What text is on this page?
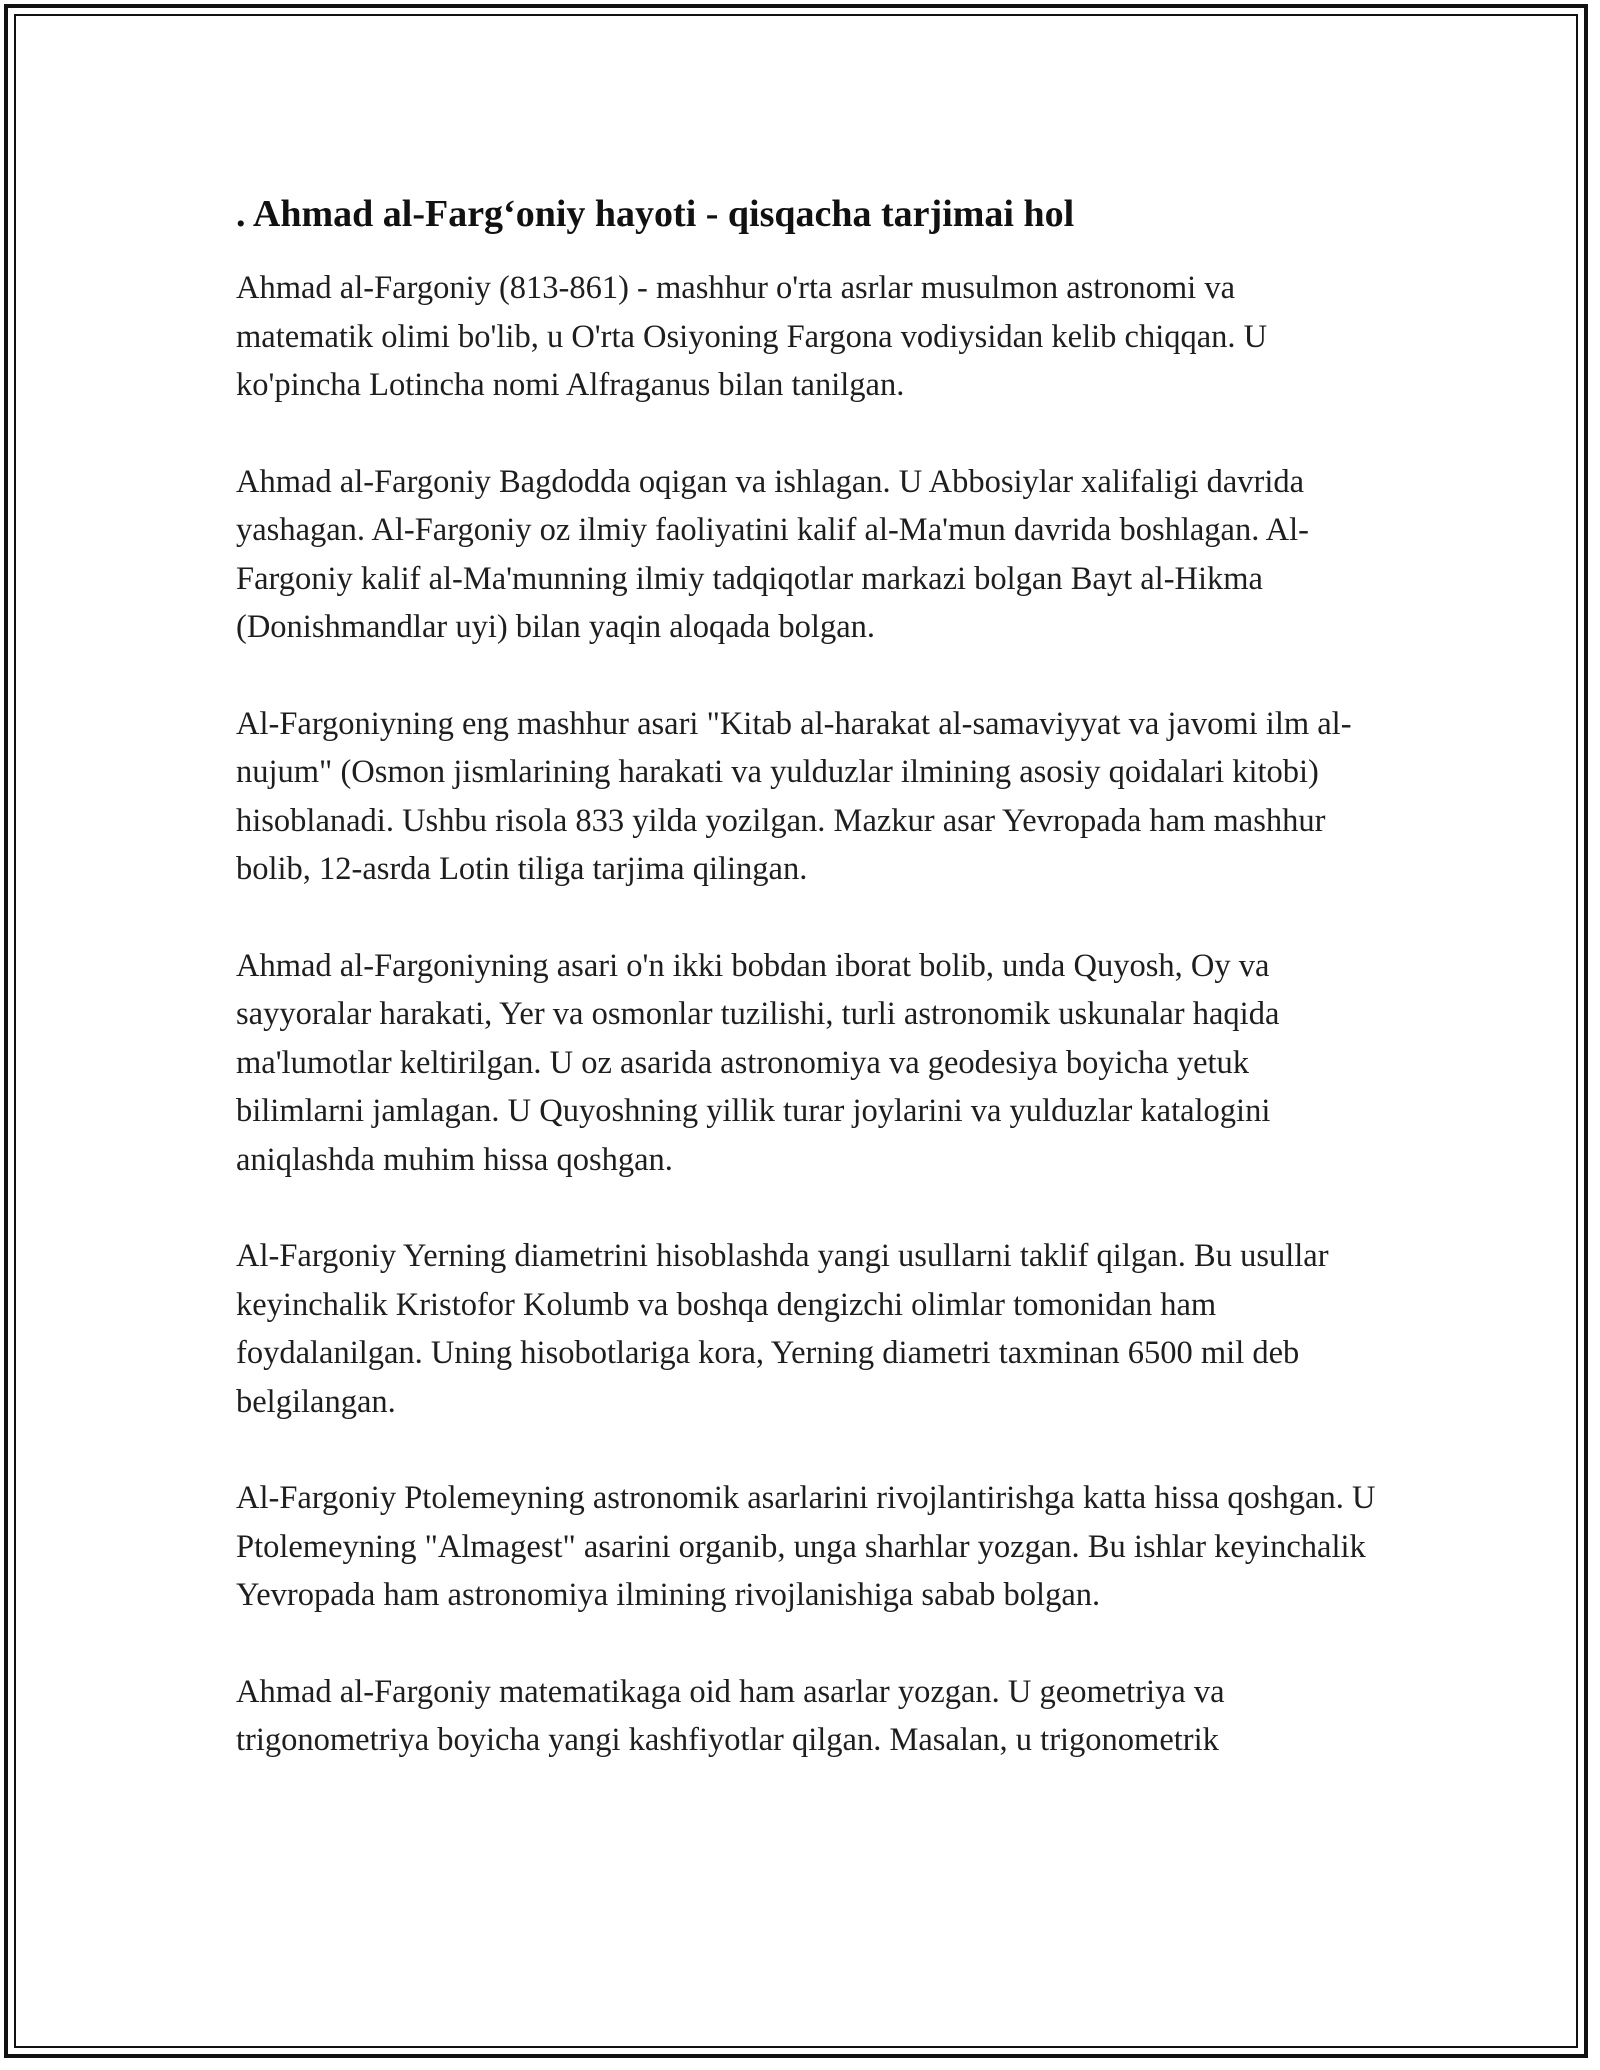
. Ahmad al-Farg‘oniy hayoti - qisqacha tarjimai hol

Ahmad al-Fargoniy (813-861) - mashhur o'rta asrlar musulmon astronomi va matematik olimi bo'lib, u O'rta Osiyoning Fargona vodiysidan kelib chiqqan. U ko'pincha Lotincha nomi Alfraganus bilan tanilgan.

Ahmad al-Fargoniy Bagdodda oqigan va ishlagan. U Abbosiylar xalifaligi davrida yashagan. Al-Fargoniy oz ilmiy faoliyatini kalif al-Ma'mun davrida boshlagan. Al-Fargoniy kalif al-Ma'munning ilmiy tadqiqotlar markazi bolgan Bayt al-Hikma (Donishmandlar uyi) bilan yaqin aloqada bolgan.

Al-Fargoniyning eng mashhur asari "Kitab al-harakat al-samaviyyat va javomi ilm al-nujum" (Osmon jismlarining harakati va yulduzlar ilmining asosiy qoidalari kitobi) hisoblanadi. Ushbu risola 833 yilda yozilgan. Mazkur asar Yevropada ham mashhur bolib, 12-asrda Lotin tiliga tarjima qilingan.

Ahmad al-Fargoniyning asari o'n ikki bobdan iborat bolib, unda Quyosh, Oy va sayyoralar harakati, Yer va osmonlar tuzilishi, turli astronomik uskunalar haqida ma'lumotlar keltirilgan. U oz asarida astronomiya va geodesiya boyicha yetuk bilimlarni jamlagan. U Quyoshning yillik turar joylarini va yulduzlar katalogini aniqlashda muhim hissa qoshgan.

Al-Fargoniy Yerning diametrini hisoblashda yangi usullarni taklif qilgan. Bu usullar keyinchalik Kristofor Kolumb va boshqa dengizchi olimlar tomonidan ham foydalanilgan. Uning hisobotlariga kora, Yerning diametri taxminan 6500 mil deb belgilangan.

Al-Fargoniy Ptolemeyning astronomik asarlarini rivojlantirishga katta hissa qoshgan. U Ptolemeyning "Almagest" asarini organib, unga sharhlar yozgan. Bu ishlar keyinchalik Yevropada ham astronomiya ilmining rivojlanishiga sabab bolgan.

Ahmad al-Fargoniy matematikaga oid ham asarlar yozgan. U geometriya va trigonometriya boyicha yangi kashfiyotlar qilgan. Masalan, u trigonometrik
